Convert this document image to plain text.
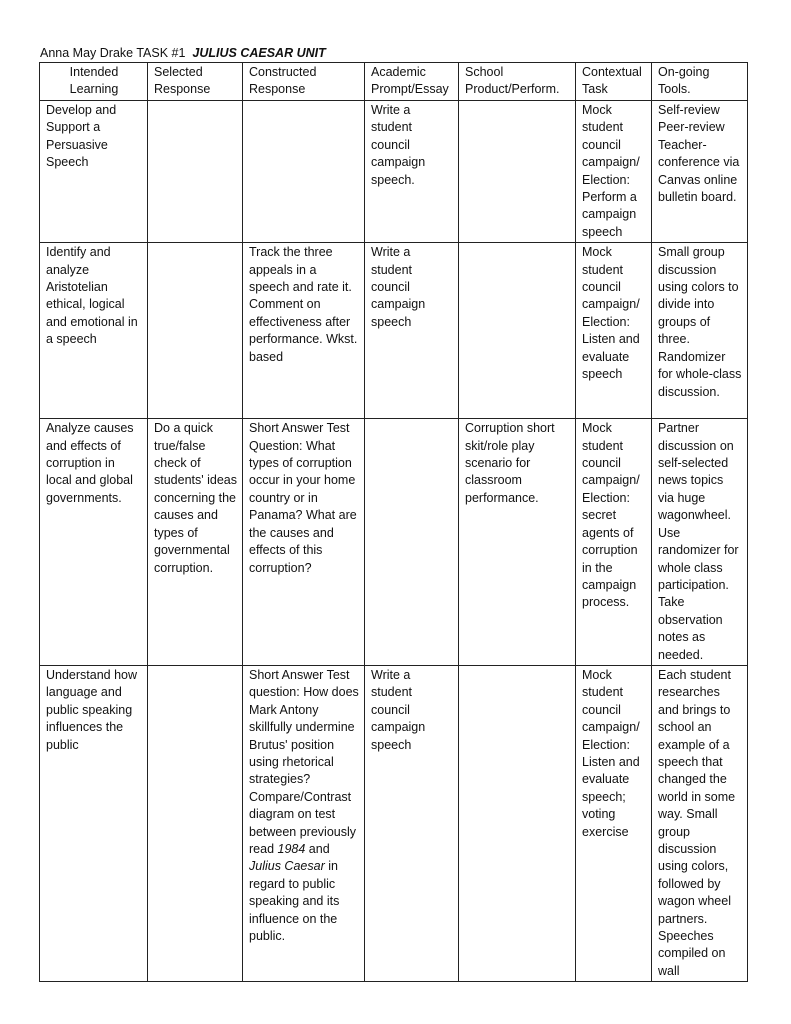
Anna May Drake TASK #1 JULIUS CAESAR UNIT
Intended Learning	Selected Response	Constructed Response	Academic Prompt/Essay	School Product/Perform.	Contextual Task	On-going Tools.
Develop and Support a Persuasive Speech			Write a student council campaign speech.		Mock student council campaign/ Election: Perform a campaign speech	Self-review Peer-review Teacher-conference via Canvas online bulletin board.
Identify and analyze Aristotelian ethical, logical and emotional in a speech		Track the three appeals in a speech and rate it. Comment on effectiveness after performance. Wkst. based	Write a student council campaign speech		Mock student council campaign/ Election: Listen and evaluate speech	Small group discussion using colors to divide into groups of three. Randomizer for whole-class discussion.
Analyze causes and effects of corruption in local and global governments.	Do a quick true/false check of students' ideas concerning the causes and types of governmental corruption.	Short Answer Test Question: What types of corruption occur in your home country or in Panama? What are the causes and effects of this corruption?		Corruption short skit/role play scenario for classroom performance.	Mock student council campaign/ Election: secret agents of corruption in the campaign process.	Partner discussion on self-selected news topics via huge wagonwheel. Use randomizer for whole class participation. Take observation notes as needed.
Understand how language and public speaking influences the public		Short Answer Test question: How does Mark Antony skillfully undermine Brutus' position using rhetorical strategies? Compare/Contrast diagram on test between previously read 1984 and Julius Caesar in regard to public speaking and its influence on the public.	Write a student council campaign speech		Mock student council campaign/ Election: Listen and evaluate speech; voting exercise	Each student researches and brings to school an example of a speech that changed the world in some way. Small group discussion using colors, followed by wagon wheel partners. Speeches compiled on wall
